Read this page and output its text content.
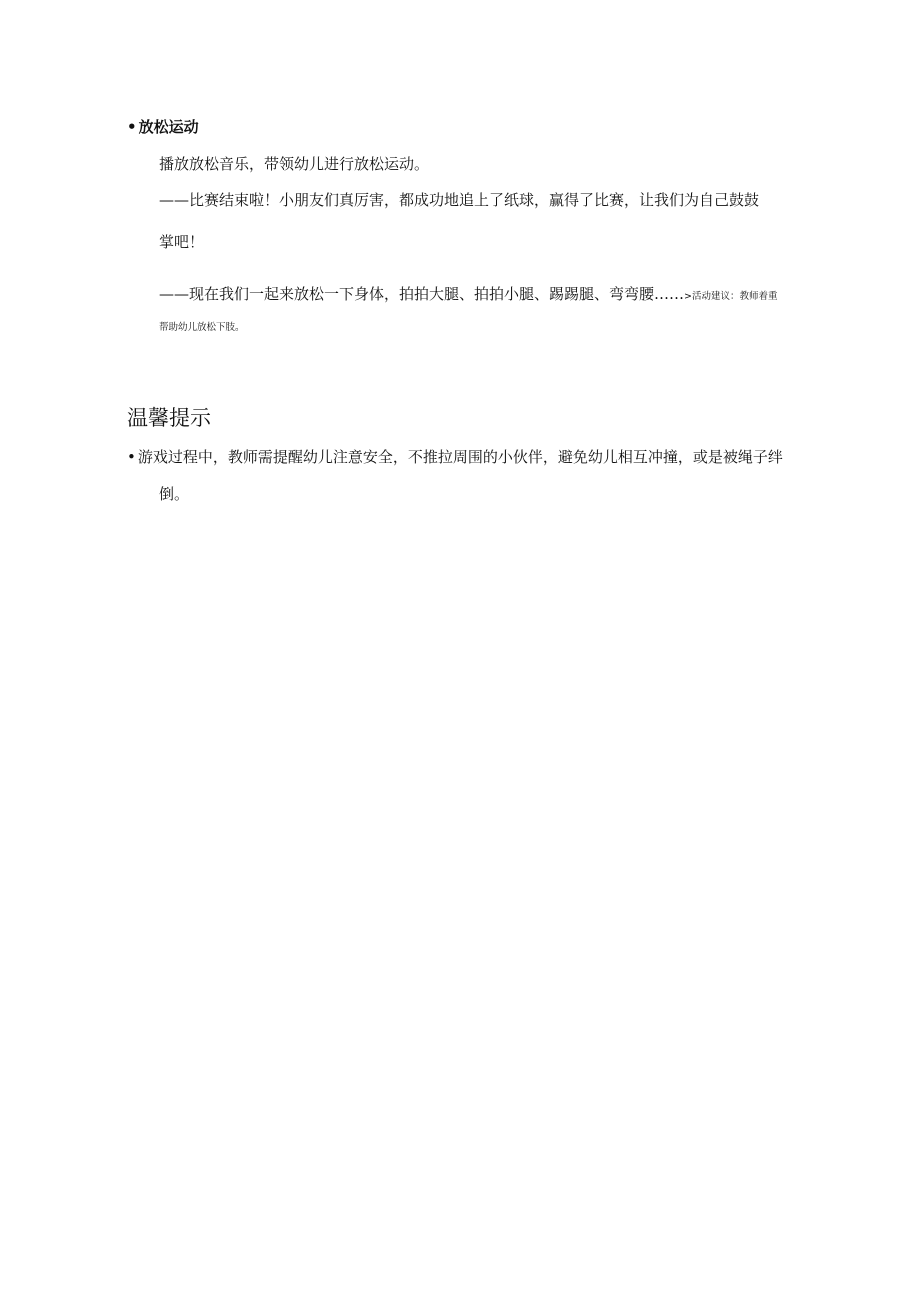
• 放松运动
播放放松音乐，带领幼儿进行放松运动。
——比赛结束啦！小朋友们真厉害，都成功地追上了纸球，赢得了比赛，让我们为自己鼓鼓
掌吧！
——现在我们一起来放松一下身体，拍拍大腿、拍拍小腿、踢踢腿、弯弯腰……>活动建议：教师着重
帮助幼儿放松下肢。
温馨提示
• 游戏过程中，教师需提醒幼儿注意安全，不推拉周围的小伙伴，避免幼儿相互冲撞，或是被绳子绊
倒。
